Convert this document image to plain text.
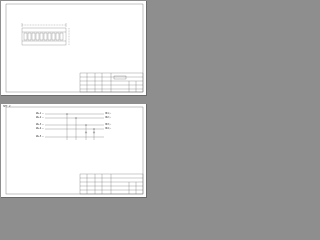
SHT 2
Ин-1 ~
Ин-2 ~
Ин-3 ~
Ин-4 ~
Ин-5 ~
Ж1 ▷
Ж2 ▷
Ж3 ▷
Ж4 ▷
